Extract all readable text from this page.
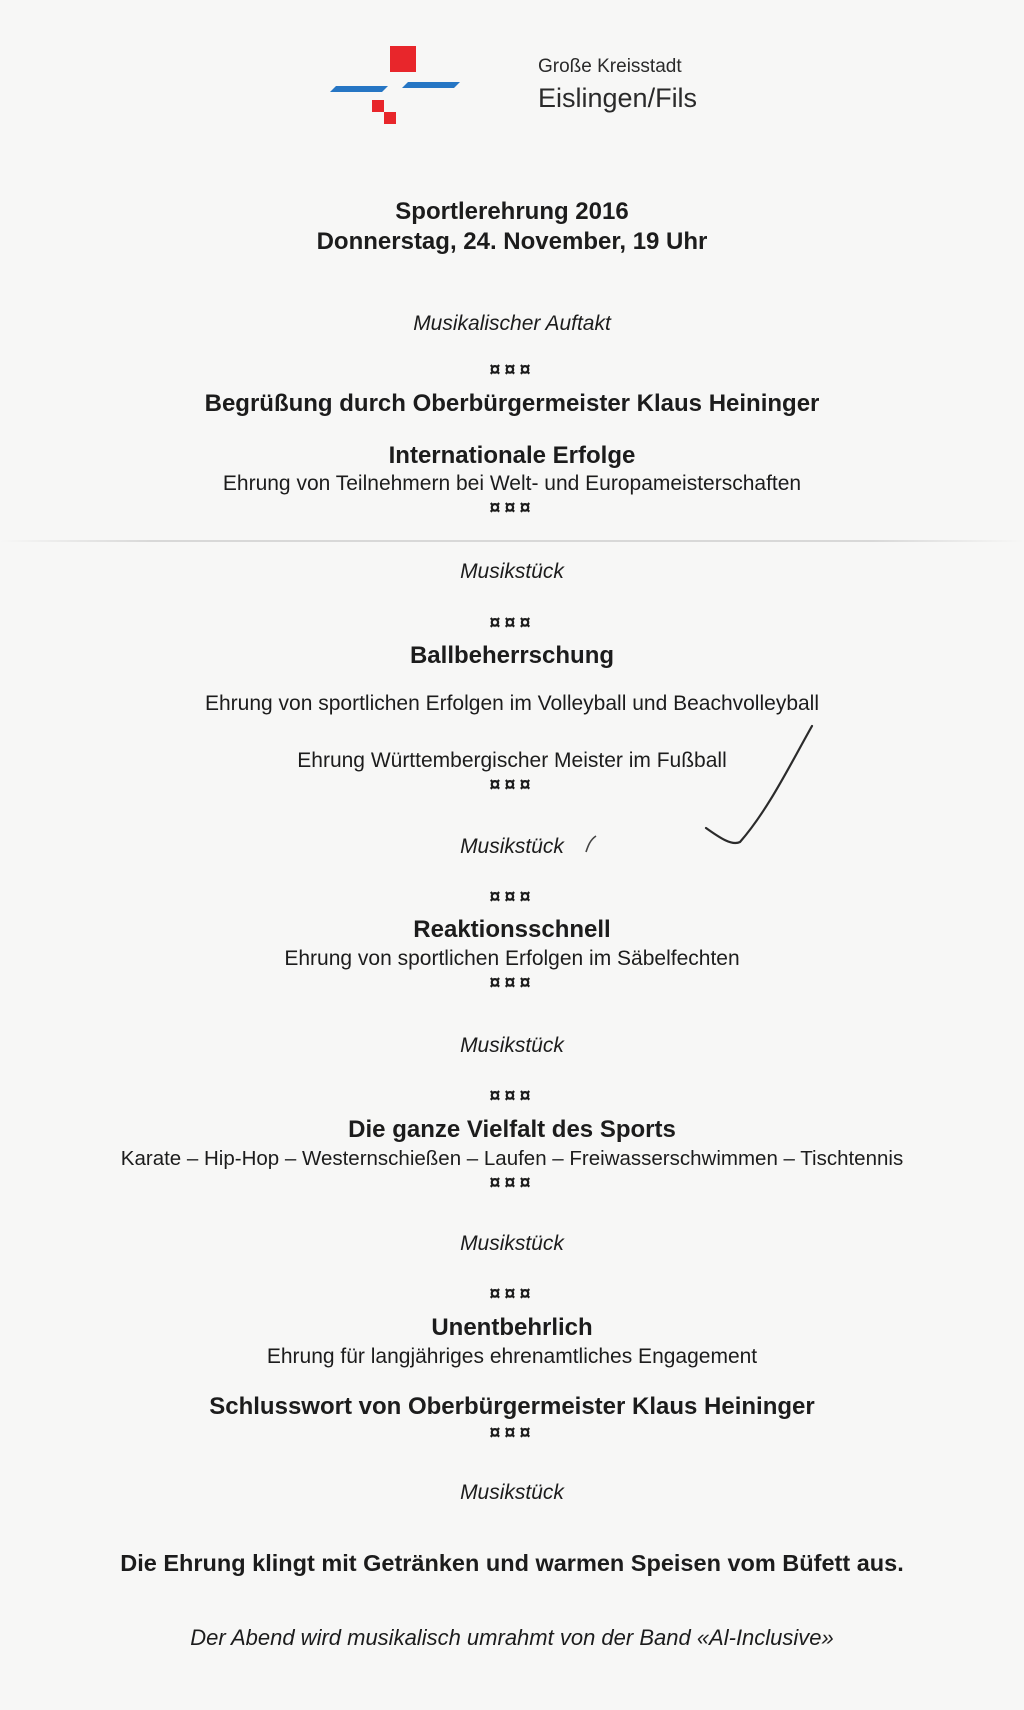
Große Kreisstadt
Eislingen/Fils
Sportlerehrung 2016
Donnerstag, 24. November, 19 Uhr
Musikalischer Auftakt
¤¤¤
Begrüßung durch Oberbürgermeister Klaus Heininger
Internationale Erfolge
Ehrung von Teilnehmern bei Welt- und Europameisterschaften
¤¤¤
Musikstück
¤¤¤
Ballbeherrschung
Ehrung von sportlichen Erfolgen im Volleyball und Beachvolleyball
Ehrung Württembergischer Meister im Fußball
¤¤¤
Musikstück
¤¤¤
Reaktionsschnell
Ehrung von sportlichen Erfolgen im Säbelfechten
¤¤¤
Musikstück
¤¤¤
Die ganze Vielfalt des Sports
Karate – Hip-Hop – Westernschießen – Laufen – Freiwasserschwimmen – Tischtennis
¤¤¤
Musikstück
¤¤¤
Unentbehrlich
Ehrung für langjähriges ehrenamtliches Engagement
Schlusswort von Oberbürgermeister Klaus Heininger
¤¤¤
Musikstück
Die Ehrung klingt mit Getränken und warmen Speisen vom Büfett aus.
Der Abend wird musikalisch umrahmt von der Band «Al-Inclusive»
